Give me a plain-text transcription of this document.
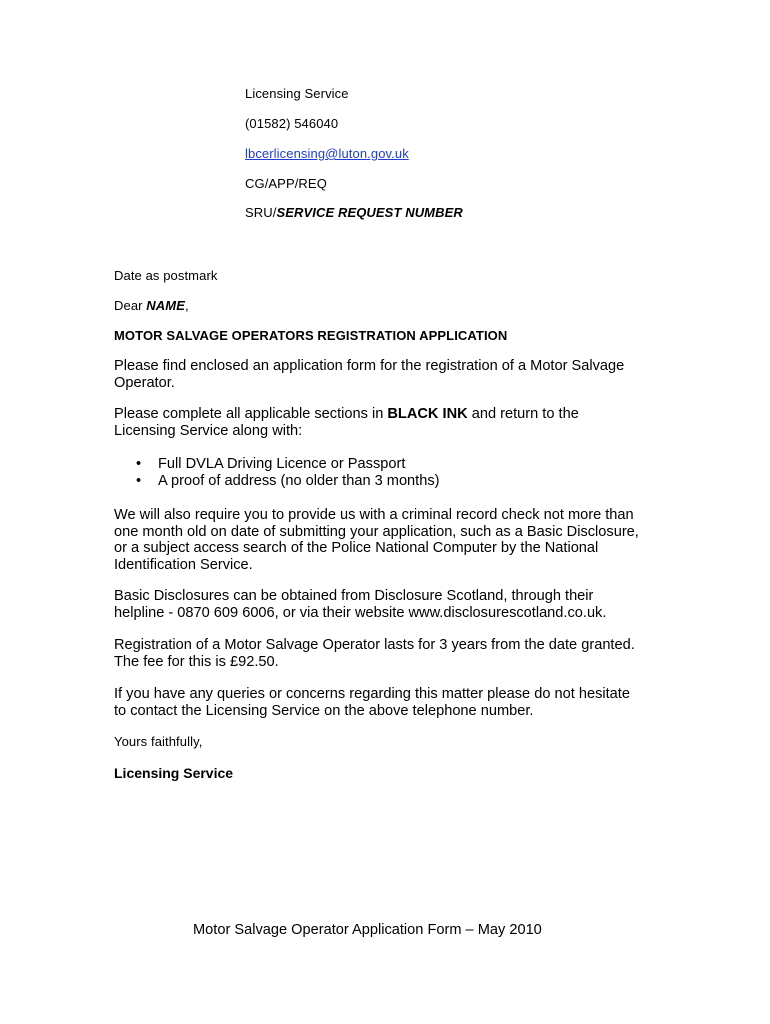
Licensing Service
(01582) 546040
lbcerlicensing@luton.gov.uk
CG/APP/REQ
SRU/SERVICE REQUEST NUMBER
Date as postmark
Dear NAME,
MOTOR SALVAGE OPERATORS REGISTRATION APPLICATION
Please find enclosed an application form for the registration of a Motor Salvage
Operator.
Please complete all applicable sections in BLACK INK and return to the
Licensing Service along with:
• Full DVLA Driving Licence or Passport
• A proof of address (no older than 3 months)
We will also require you to provide us with a criminal record check not more than
one month old on date of submitting your application, such as a Basic Disclosure,
or a subject access search of the Police National Computer by the National
Identification Service.
Basic Disclosures can be obtained from Disclosure Scotland, through their
helpline - 0870 609 6006, or via their website www.disclosurescotland.co.uk.
Registration of a Motor Salvage Operator lasts for 3 years from the date granted.
The fee for this is £92.50.
If you have any queries or concerns regarding this matter please do not hesitate
to contact the Licensing Service on the above telephone number.
Yours faithfully,
Licensing Service
Motor Salvage Operator Application Form – May 2010
